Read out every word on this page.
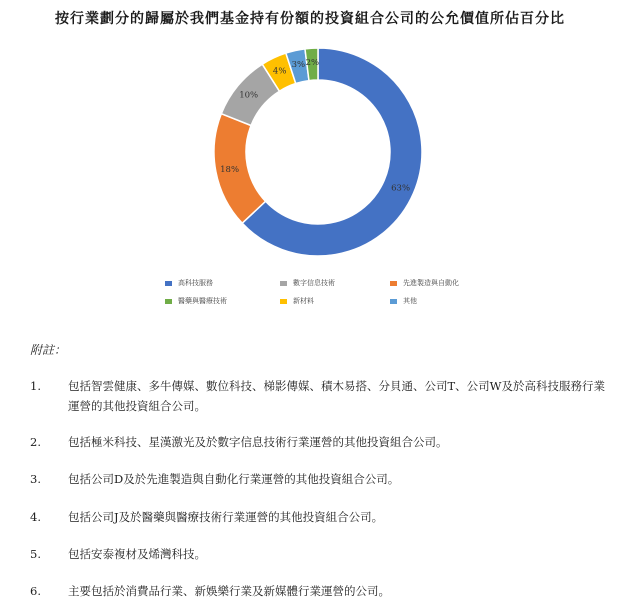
按行業劃分的歸屬於我們基金持有份額的投資組合公司的公允價值所佔百分比
63%
18%
10%
4%
3% 2%
高科技服務	數字信息技術	先進製造與自動化
醫藥與醫療技術	新材料	其他
附註：
1. 包括智雲健康、多牛傳媒、數位科技、梯影傳媒、積木易搭、分貝通、公司T、公司W及於高科技服務行業運營的其他投資組合公司。
2. 包括極米科技、星漢激光及於數字信息技術行業運營的其他投資組合公司。
3. 包括公司D及於先進製造與自動化行業運營的其他投資組合公司。
4. 包括公司J及於醫藥與醫療技術行業運營的其他投資組合公司。
5. 包括安泰複材及烯灣科技。
6. 主要包括於消費品行業、新娛樂行業及新媒體行業運營的公司。
